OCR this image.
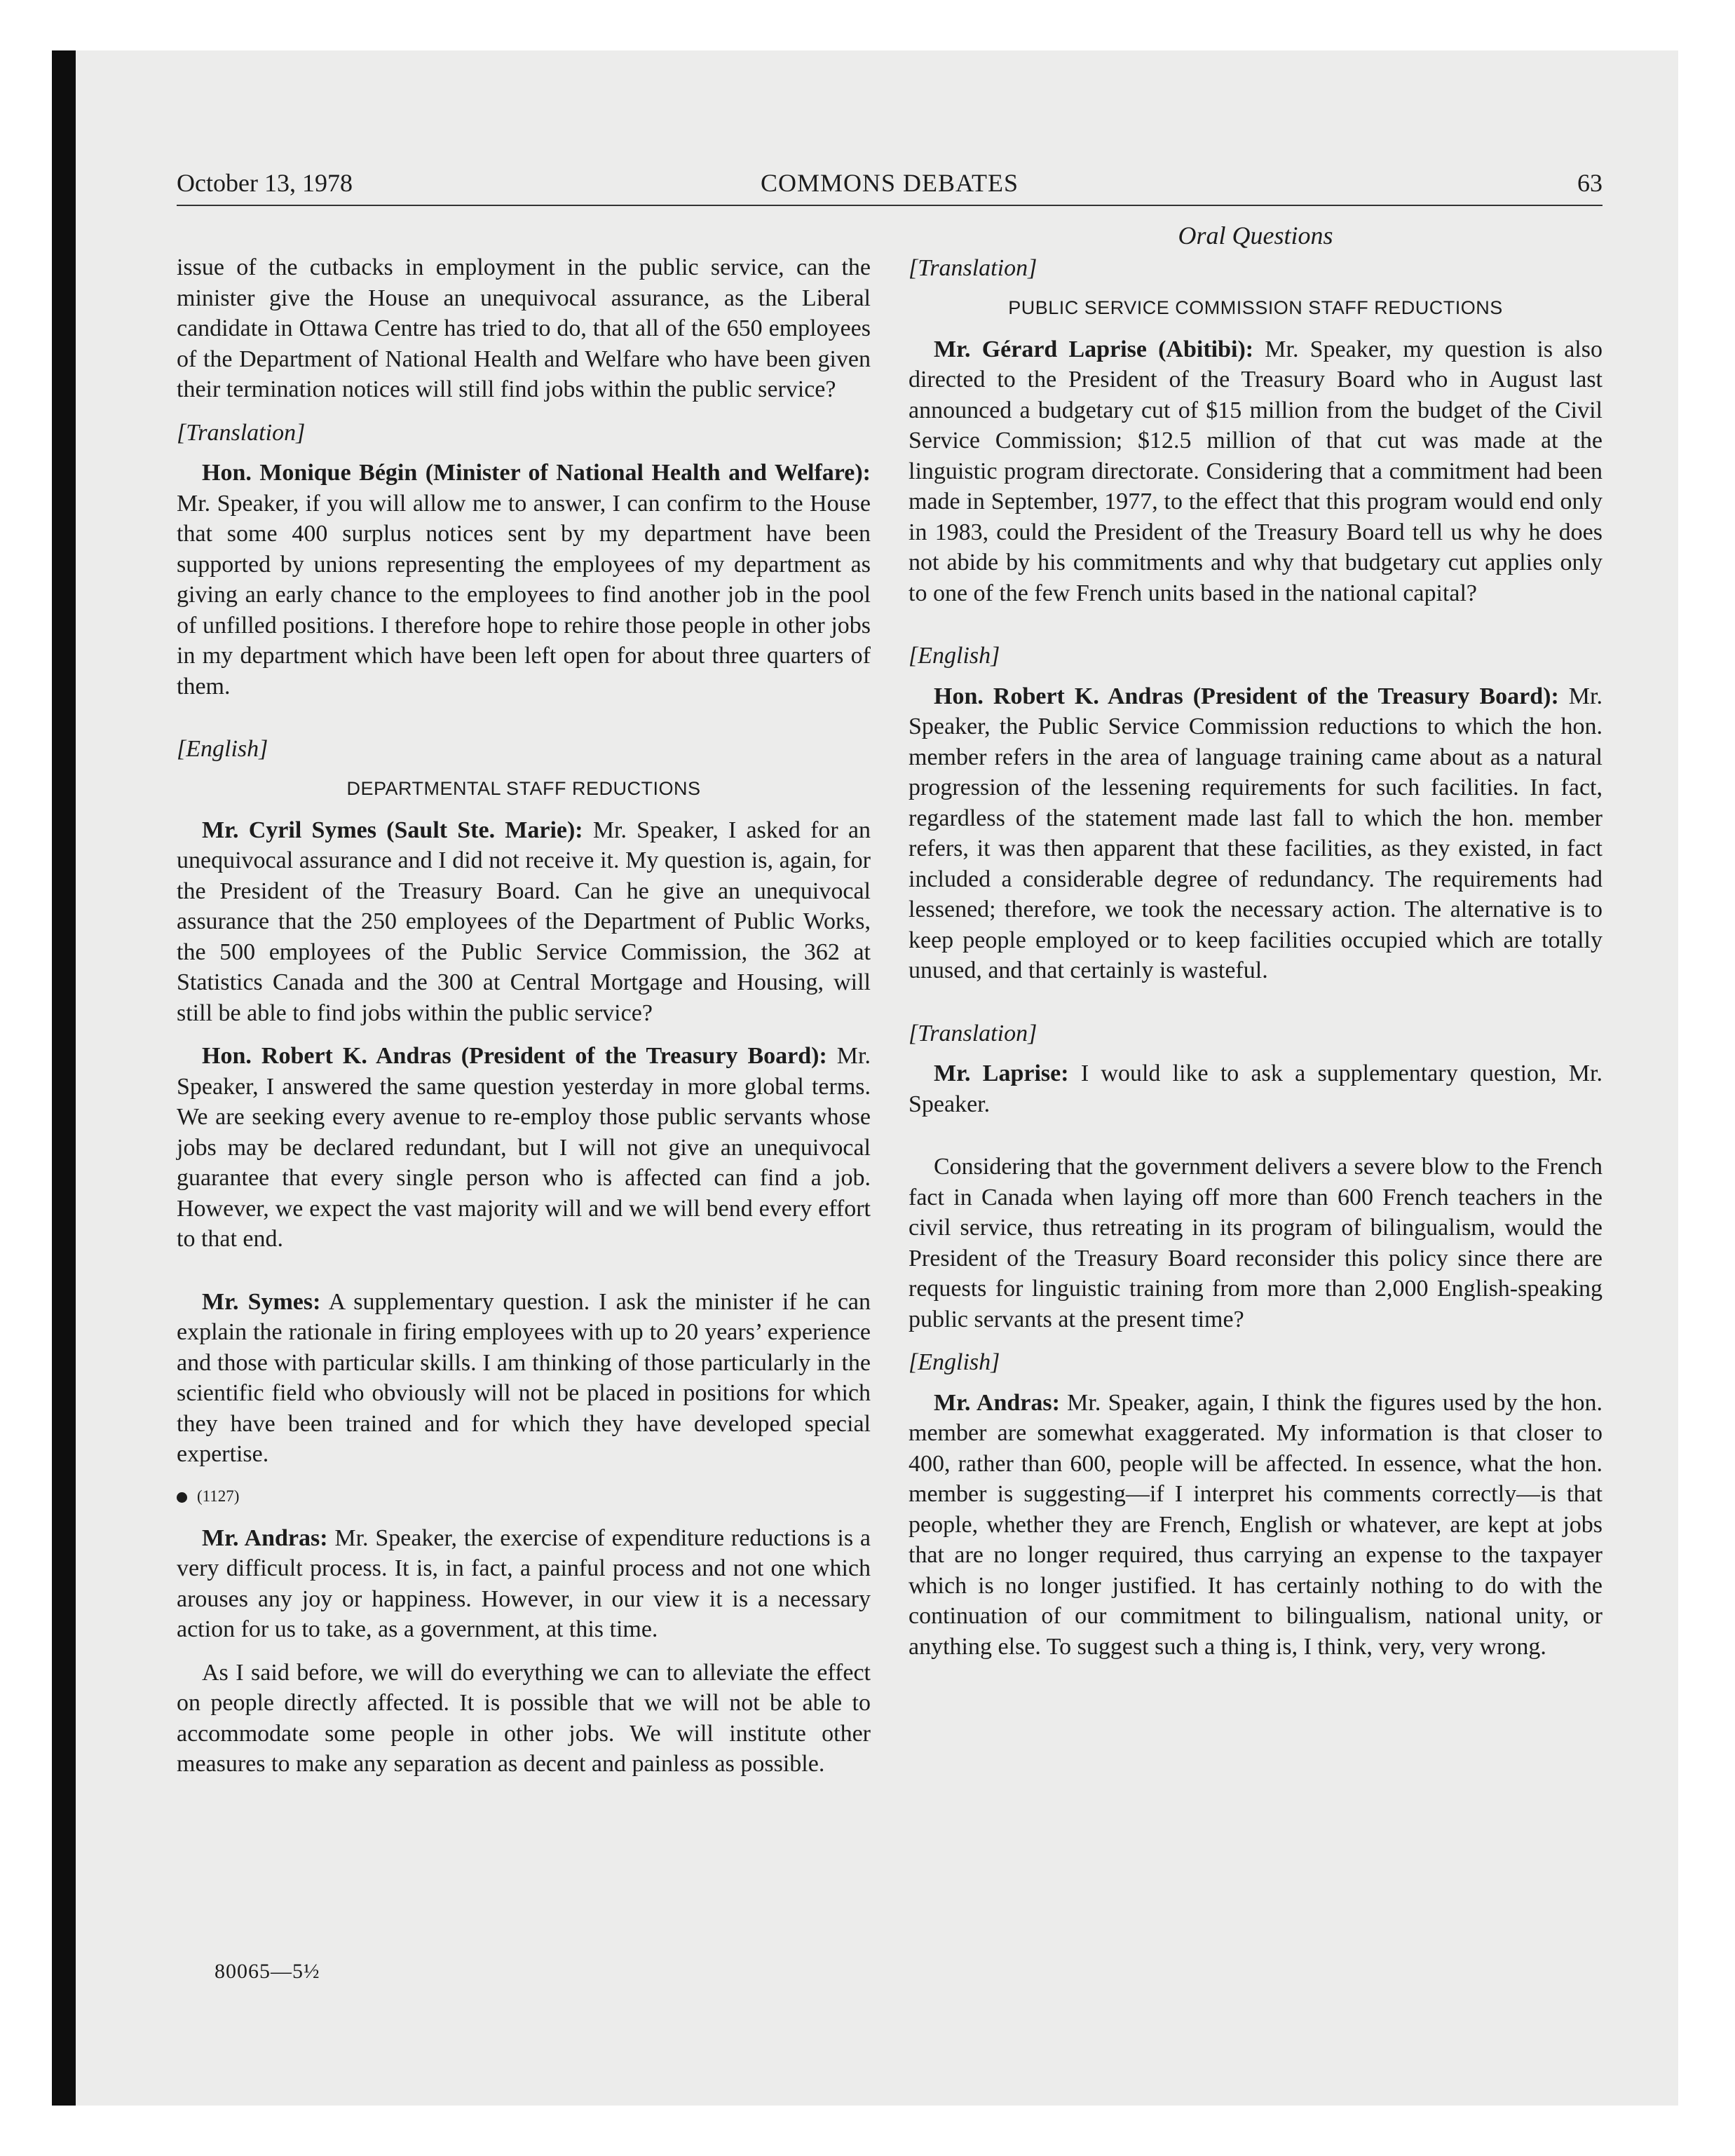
October 13, 1978	COMMONS DEBATES	63

issue of the cutbacks in employment in the public service, can the minister give the House an unequivocal assurance, as the Liberal candidate in Ottawa Centre has tried to do, that all of the 650 employees of the Department of National Health and Welfare who have been given their termination notices will still find jobs within the public service?

[Translation]

Hon. Monique Bégin (Minister of National Health and Welfare): Mr. Speaker, if you will allow me to answer, I can confirm to the House that some 400 surplus notices sent by my department have been supported by unions representing the employees of my department as giving an early chance to the employees to find another job in the pool of unfilled positions. I therefore hope to rehire those people in other jobs in my department which have been left open for about three quarters of them.

[English]
DEPARTMENTAL STAFF REDUCTIONS

Mr. Cyril Symes (Sault Ste. Marie): Mr. Speaker, I asked for an unequivocal assurance and I did not receive it. My question is, again, for the President of the Treasury Board. Can he give an unequivocal assurance that the 250 employees of the Department of Public Works, the 500 employees of the Public Service Commission, the 362 at Statistics Canada and the 300 at Central Mortgage and Housing, will still be able to find jobs within the public service?

Hon. Robert K. Andras (President of the Treasury Board): Mr. Speaker, I answered the same question yesterday in more global terms. We are seeking every avenue to re-employ those public servants whose jobs may be declared redundant, but I will not give an unequivocal guarantee that every single person who is affected can find a job. However, we expect the vast majority will and we will bend every effort to that end.

Mr. Symes: A supplementary question. I ask the minister if he can explain the rationale in firing employees with up to 20 years’ experience and those with particular skills. I am thinking of those particularly in the scientific field who obviously will not be placed in positions for which they have been trained and for which they have developed special expertise.

(1127)

Mr. Andras: Mr. Speaker, the exercise of expenditure reductions is a very difficult process. It is, in fact, a painful process and not one which arouses any joy or happiness. However, in our view it is a necessary action for us to take, as a government, at this time.

As I said before, we will do everything we can to alleviate the effect on people directly affected. It is possible that we will not be able to accommodate some people in other jobs. We will institute other measures to make any separation as decent and painless as possible.

Oral Questions
[Translation]
PUBLIC SERVICE COMMISSION STAFF REDUCTIONS

Mr. Gérard Laprise (Abitibi): Mr. Speaker, my question is also directed to the President of the Treasury Board who in August last announced a budgetary cut of $15 million from the budget of the Civil Service Commission; $12.5 million of that cut was made at the linguistic program directorate. Considering that a commitment had been made in September, 1977, to the effect that this program would end only in 1983, could the President of the Treasury Board tell us why he does not abide by his commitments and why that budgetary cut applies only to one of the few French units based in the national capital?

[English]

Hon. Robert K. Andras (President of the Treasury Board): Mr. Speaker, the Public Service Commission reductions to which the hon. member refers in the area of language training came about as a natural progression of the lessening requirements for such facilities. In fact, regardless of the statement made last fall to which the hon. member refers, it was then apparent that these facilities, as they existed, in fact included a considerable degree of redundancy. The requirements had lessened; therefore, we took the necessary action. The alternative is to keep people employed or to keep facilities occupied which are totally unused, and that certainly is wasteful.

[Translation]

Mr. Laprise: I would like to ask a supplementary question, Mr. Speaker.

Considering that the government delivers a severe blow to the French fact in Canada when laying off more than 600 French teachers in the civil service, thus retreating in its program of bilingualism, would the President of the Treasury Board reconsider this policy since there are requests for linguistic training from more than 2,000 English-speaking public servants at the present time?

[English]

Mr. Andras: Mr. Speaker, again, I think the figures used by the hon. member are somewhat exaggerated. My information is that closer to 400, rather than 600, people will be affected. In essence, what the hon. member is suggesting—if I interpret his comments correctly—is that people, whether they are French, English or whatever, are kept at jobs that are no longer required, thus carrying an expense to the taxpayer which is no longer justified. It has certainly nothing to do with the continuation of our commitment to bilingualism, national unity, or anything else. To suggest such a thing is, I think, very, very wrong.

80065—5½
